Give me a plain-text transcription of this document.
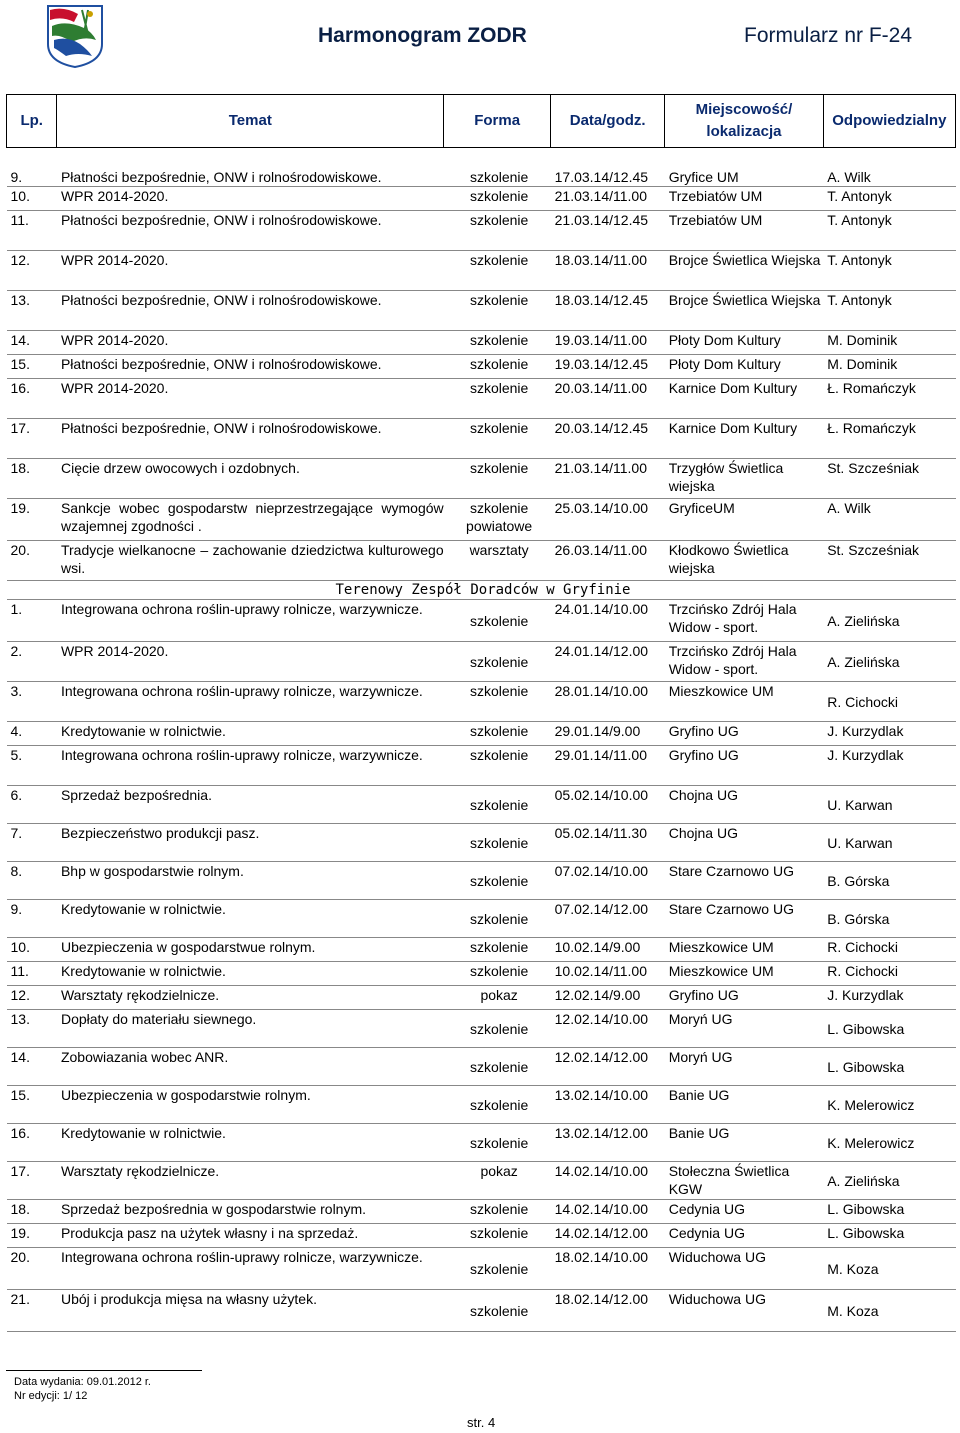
Harmonogram ZODR	Formularz nr F-24
Lp.	Temat	Forma	Data/godz.	Miejscowość/ lokalizacja	Odpowiedzialny
9.	Płatności bezpośrednie, ONW i rolnośrodowiskowe.	szkolenie	17.03.14/12.45	Gryfice UM	A. Wilk
10.	WPR 2014-2020.	szkolenie	21.03.14/11.00	Trzebiatów UM	T. Antonyk
11.	Płatności bezpośrednie, ONW i rolnośrodowiskowe.	szkolenie	21.03.14/12.45	Trzebiatów UM	T. Antonyk
12.	WPR 2014-2020.	szkolenie	18.03.14/11.00	Brojce Świetlica Wiejska	T. Antonyk
13.	Płatności bezpośrednie, ONW i rolnośrodowiskowe.	szkolenie	18.03.14/12.45	Brojce Świetlica Wiejska	T. Antonyk
14.	WPR 2014-2020.	szkolenie	19.03.14/11.00	Płoty Dom Kultury	M. Dominik
15.	Płatności bezpośrednie, ONW i rolnośrodowiskowe.	szkolenie	19.03.14/12.45	Płoty Dom Kultury	M. Dominik
16.	WPR 2014-2020.	szkolenie	20.03.14/11.00	Karnice Dom Kultury	Ł. Romańczyk
17.	Płatności bezpośrednie, ONW i rolnośrodowiskowe.	szkolenie	20.03.14/12.45	Karnice Dom Kultury	Ł. Romańczyk
18.	Cięcie drzew owocowych i ozdobnych.	szkolenie	21.03.14/11.00	Trzygłów Świetlica wiejska	St. Szcześniak
19.	Sankcje wobec gospodarstw nieprzestrzegające wymogów wzajemnej zgodności .	szkolenie powiatowe	25.03.14/10.00	GryficeUM	A. Wilk
20.	Tradycje wielkanocne – zachowanie dziedzictwa kulturowego wsi.	warsztaty	26.03.14/11.00	Kłodkowo Świetlica wiejska	St. Szcześniak
Terenowy Zespół Doradców w Gryfinie					
1.	Integrowana ochrona roślin-uprawy rolnicze, warzywnicze.	szkolenie	24.01.14/10.00	Trzcińsko Zdrój Hala Widow - sport.	A. Zielińska
2.	WPR 2014-2020.	szkolenie	24.01.14/12.00	Trzcińsko Zdrój Hala Widow - sport.	A. Zielińska
3.	Integrowana ochrona roślin-uprawy rolnicze, warzywnicze.	szkolenie	28.01.14/10.00	Mieszkowice UM	R. Cichocki
4.	Kredytowanie w rolnictwie.	szkolenie	29.01.14/9.00	Gryfino UG	J. Kurzydlak
5.	Integrowana ochrona roślin-uprawy rolnicze, warzywnicze.	szkolenie	29.01.14/11.00	Gryfino UG	J. Kurzydlak
6.	Sprzedaż bezpośrednia.	szkolenie	05.02.14/10.00	Chojna UG	U. Karwan
7.	Bezpieczeństwo produkcji pasz.	szkolenie	05.02.14/11.30	Chojna UG	U. Karwan
8.	Bhp w gospodarstwie rolnym.	szkolenie	07.02.14/10.00	Stare Czarnowo UG	B. Górska
9.	Kredytowanie w rolnictwie.	szkolenie	07.02.14/12.00	Stare Czarnowo UG	B. Górska
10.	Ubezpieczenia w gospodarstwue rolnym.	szkolenie	10.02.14/9.00	Mieszkowice UM	R. Cichocki
11.	Kredytowanie w rolnictwie.	szkolenie	10.02.14/11.00	Mieszkowice UM	R. Cichocki
12.	Warsztaty rękodzielnicze.	pokaz	12.02.14/9.00	Gryfino UG	J. Kurzydlak
13.	Dopłaty do materiału siewnego.	szkolenie	12.02.14/10.00	Moryń UG	L. Gibowska
14.	Zobowiazania wobec ANR.	szkolenie	12.02.14/12.00	Moryń UG	L. Gibowska
15.	Ubezpieczenia w gospodarstwie rolnym.	szkolenie	13.02.14/10.00	Banie UG	K. Melerowicz
16.	Kredytowanie w rolnictwie.	szkolenie	13.02.14/12.00	Banie UG	K. Melerowicz
17.	Warsztaty rękodzielnicze.	pokaz	14.02.14/10.00	Stołeczna Świetlica KGW	A. Zielińska
18.	Sprzedaż bezpośrednia w gospodarstwie rolnym.	szkolenie	14.02.14/10.00	Cedynia UG	L. Gibowska
19.	Produkcja pasz na użytek własny i na sprzedaż.	szkolenie	14.02.14/12.00	Cedynia UG	L. Gibowska
20.	Integrowana ochrona roślin-uprawy rolnicze, warzywnicze.	szkolenie	18.02.14/10.00	Widuchowa UG	M. Koza
21.	Ubój i produkcja mięsa na własny użytek.	szkolenie	18.02.14/12.00	Widuchowa UG	M. Koza
Data wydania: 09.01.2012 r.
Nr edycji: 1/ 12
str. 4
